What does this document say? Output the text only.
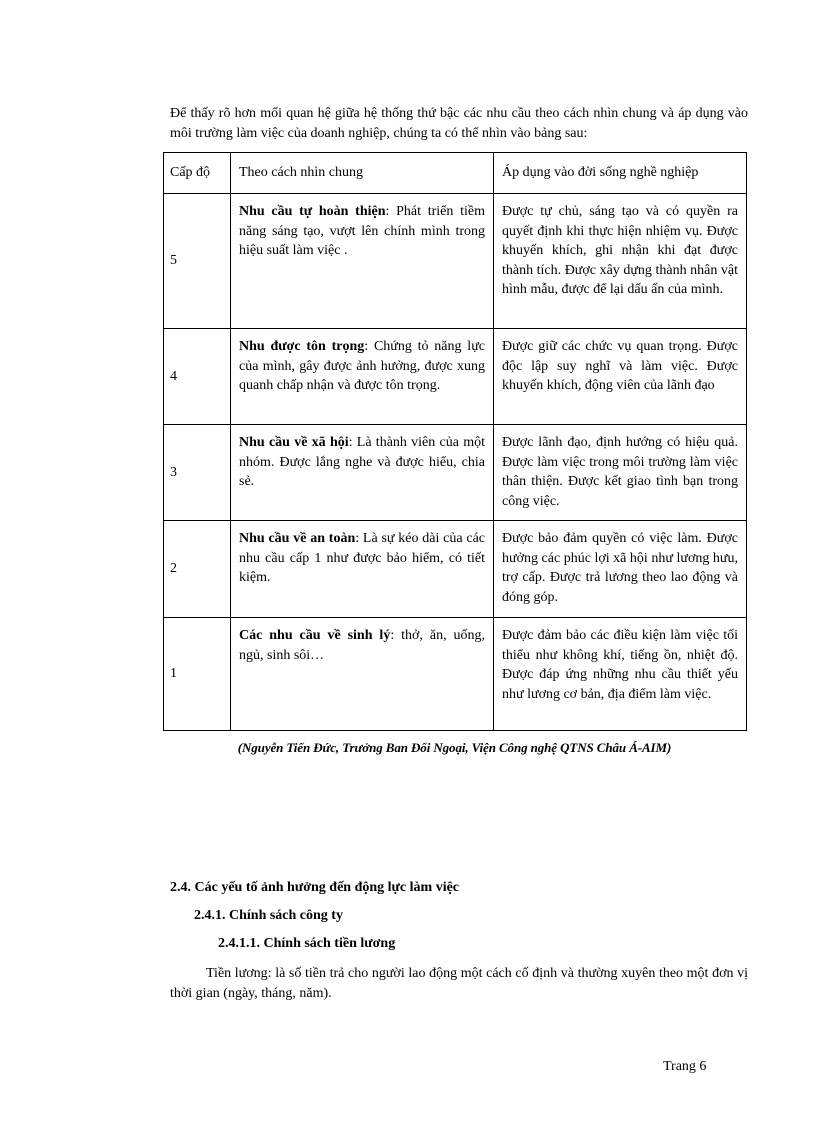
Để thấy rõ hơn mối quan hệ giữa hệ thống thứ bậc các nhu cầu theo cách nhìn chung và áp dụng vào môi trường làm việc của doanh nghiệp, chúng ta có thể nhìn vào bảng sau:
Cấp độ	Theo cách nhìn chung	Áp dụng vào đời sống nghề nghiệp
5	Nhu cầu tự hoàn thiện: Phát triển tiềm năng sáng tạo, vượt lên chính mình trong hiệu suất làm việc .	Được tự chủ, sáng tạo và có quyền ra quyết định khi thực hiện nhiệm vụ. Được khuyến khích, ghi nhận khi đạt được thành tích. Được xây dựng thành nhân vật hình mẫu, được để lại dấu ấn của mình.
4	Nhu được tôn trọng: Chứng tỏ năng lực của mình, gây được ảnh hưởng, được xung quanh chấp nhận và được tôn trọng.	Được giữ các chức vụ quan trọng. Được độc lập suy nghĩ và làm việc. Được khuyến khích, động viên của lãnh đạo
3	Nhu cầu về xã hội: Là thành viên của một nhóm. Được lắng nghe và được hiểu, chia sẻ.	Được lãnh đạo, định hướng có hiệu quả. Được làm việc trong môi trường làm việc thân thiện. Được kết giao tình bạn trong công việc.
2	Nhu cầu về an toàn: Là sự kéo dài của các nhu cầu cấp 1 như được bảo hiểm, có tiết kiệm.	Được bảo đảm quyền có việc làm. Được hưởng các phúc lợi xã hội như lương hưu, trợ cấp. Được trả lương theo lao động và đóng góp.
1	Các nhu cầu về sinh lý: thở, ăn, uống, ngủ, sinh sôi…	Được đảm bảo các điều kiện làm việc tối thiểu như không khí, tiếng ồn, nhiệt độ. Được đáp ứng những nhu cầu thiết yếu như lương cơ bản, địa điểm làm việc.
(Nguyễn Tiến Đức, Trưởng Ban Đối Ngoại, Viện Công nghệ QTNS Châu Á-AIM)
2.4. Các yếu tố ảnh hưởng đến động lực làm việc
2.4.1. Chính sách công ty
2.4.1.1. Chính sách tiền lương
Tiền lương: là số tiền trả cho người lao động một cách cố định và thường xuyên theo một đơn vị thời gian (ngày, tháng, năm).
Trang 6
